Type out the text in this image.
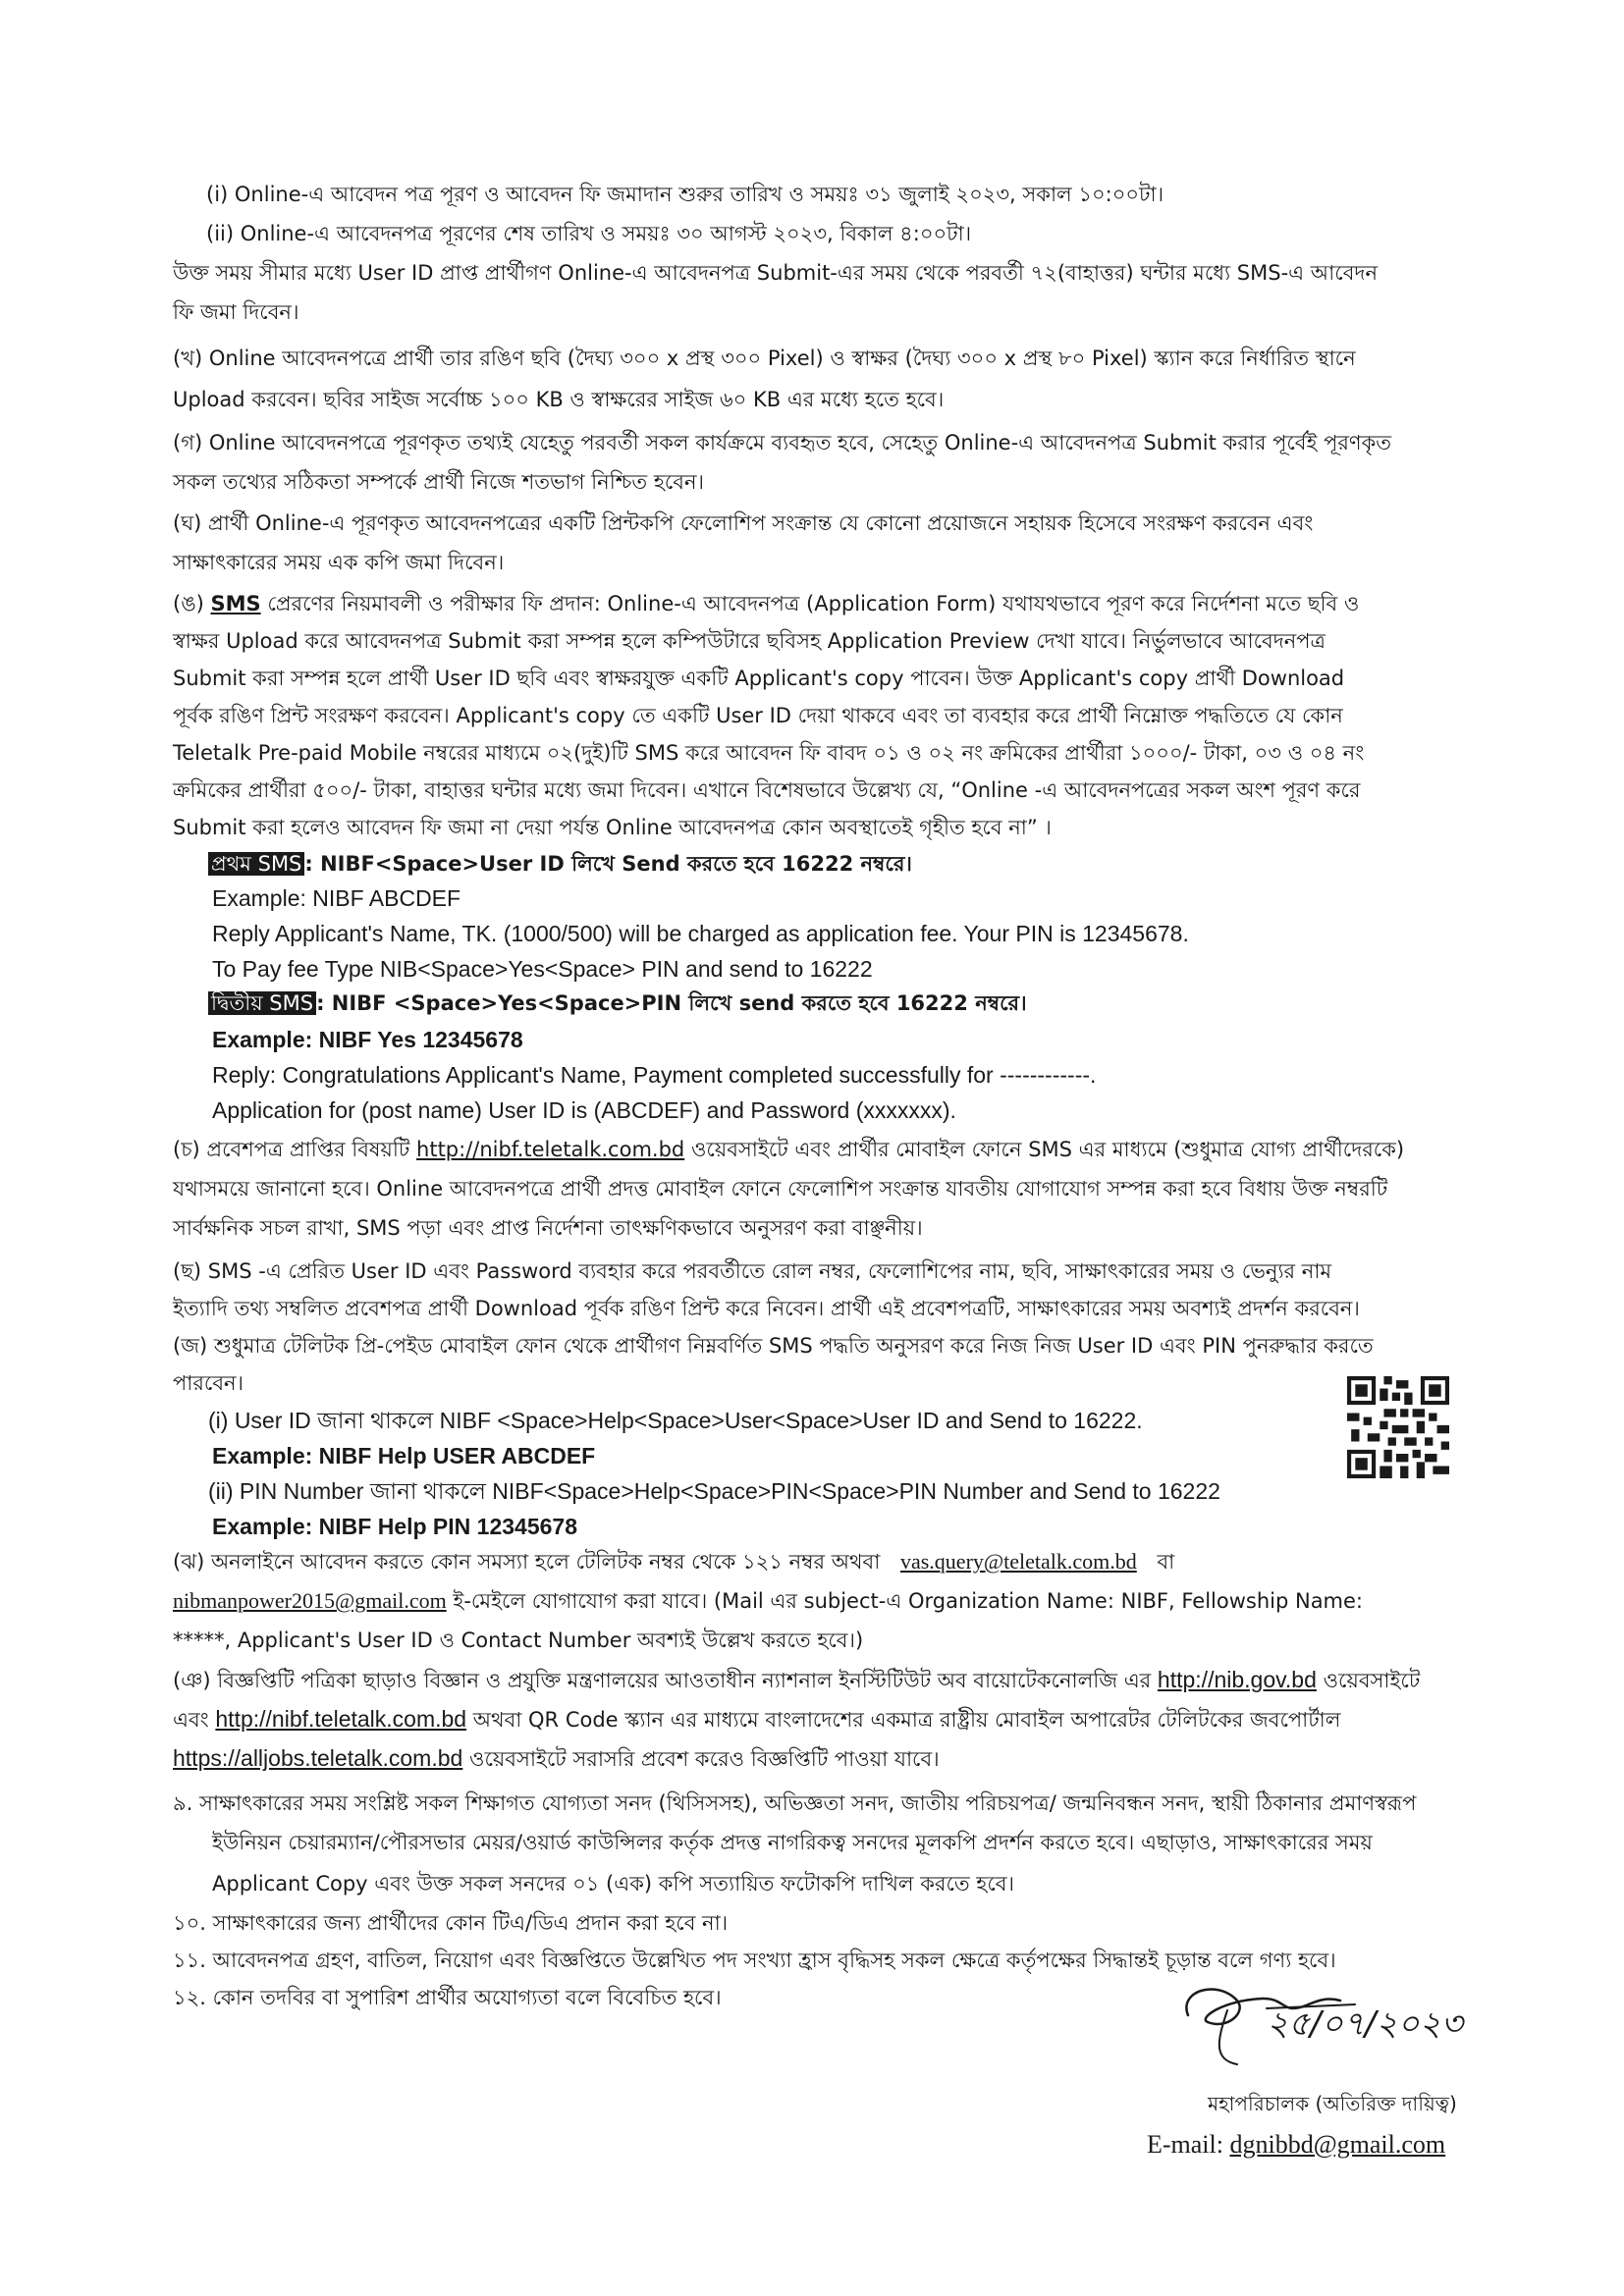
(i) Online-এ আবেদন পত্র পূরণ ও আবেদন ফি জমাদান শুরুর তারিখ ও সময়ঃ ৩১ জুলাই ২০২৩, সকাল ১০:০০টা।
(ii) Online-এ আবেদনপত্র পূরণের শেষ তারিখ ও সময়ঃ ৩০ আগস্ট ২০২৩, বিকাল ৪:০০টা।
উক্ত সময় সীমার মধ্যে User ID প্রাপ্ত প্রার্থীগণ Online-এ আবেদনপত্র Submit-এর সময় থেকে পরবর্তী ৭২(বাহাত্তর) ঘন্টার মধ্যে SMS-এ আবেদন
ফি জমা দিবেন।
(খ) Online আবেদনপত্রে প্রার্থী তার রঙিণ ছবি (দৈঘ্য ৩০০ x প্রস্থ ৩০০ Pixel) ও স্বাক্ষর (দৈঘ্য ৩০০ x প্রস্থ ৮০ Pixel) স্ক্যান করে নির্ধারিত স্থানে
Upload করবেন। ছবির সাইজ সর্বোচ্চ ১০০ KB ও স্বাক্ষরের সাইজ ৬০ KB এর মধ্যে হতে হবে।
(গ) Online আবেদনপত্রে পূরণকৃত তথ্যই যেহেতু পরবর্তী সকল কার্যক্রমে ব্যবহৃত হবে, সেহেতু Online-এ আবেদনপত্র Submit করার পূর্বেই পূরণকৃত
সকল তথ্যের সঠিকতা সম্পর্কে প্রার্থী নিজে শতভাগ নিশ্চিত হবেন।
(ঘ) প্রার্থী Online-এ পূরণকৃত আবেদনপত্রের একটি প্রিন্টকপি ফেলোশিপ সংক্রান্ত যে কোনো প্রয়োজনে সহায়ক হিসেবে সংরক্ষণ করবেন এবং
সাক্ষাৎকারের সময় এক কপি জমা দিবেন।
(ঙ) SMS প্রেরণের নিয়মাবলী ও পরীক্ষার ফি প্রদান: Online-এ আবেদনপত্র (Application Form) যথাযথভাবে পূরণ করে নির্দেশনা মতে ছবি ও
স্বাক্ষর Upload করে আবেদনপত্র Submit করা সম্পন্ন হলে কম্পিউটারে ছবিসহ Application Preview দেখা যাবে। নির্ভুলভাবে আবেদনপত্র
Submit করা সম্পন্ন হলে প্রার্থী User ID ছবি এবং স্বাক্ষরযুক্ত একটি Applicant's copy পাবেন। উক্ত Applicant's copy প্রার্থী Download
পূর্বক রঙিণ প্রিন্ট সংরক্ষণ করবেন। Applicant's copy তে একটি User ID দেয়া থাকবে এবং তা ব্যবহার করে প্রার্থী নিম্নোক্ত পদ্ধতিতে যে কোন
Teletalk Pre-paid Mobile নম্বরের মাধ্যমে ০২(দুই)টি SMS করে আবেদন ফি বাবদ ০১ ও ০২ নং ক্রমিকের প্রার্থীরা ১০০০/- টাকা, ০৩ ও ০৪ নং
ক্রমিকের প্রার্থীরা ৫০০/- টাকা, বাহাত্তর ঘন্টার মধ্যে জমা দিবেন। এখানে বিশেষভাবে উল্লেখ্য যে, “Online -এ আবেদনপত্রের সকল অংশ পূরণ করে
Submit করা হলেও আবেদন ফি জমা না দেয়া পর্যন্ত Online আবেদনপত্র কোন অবস্থাতেই গৃহীত হবে না” ।
প্রথম SMS : NIBF<Space>User ID লিখে Send করতে হবে 16222 নম্বরে।
Example: NIBF ABCDEF
Reply Applicant's Name, TK. (1000/500) will be charged as application fee. Your PIN is 12345678.
To Pay fee Type NIB<Space>Yes<Space> PIN and send to 16222
দ্বিতীয় SMS : NIBF <Space>Yes<Space>PIN লিখে send করতে হবে 16222 নম্বরে।
Example: NIBF Yes 12345678
Reply: Congratulations Applicant's Name, Payment completed successfully for ------------.
Application for (post name) User ID is (ABCDEF) and Password (xxxxxxx).
(চ) প্রবেশপত্র প্রাপ্তির বিষয়টি http://nibf.teletalk.com.bd ওয়েবসাইটে এবং প্রার্থীর মোবাইল ফোনে SMS এর মাধ্যমে (শুধুমাত্র যোগ্য প্রার্থীদেরকে)
যথাসময়ে জানানো হবে। Online আবেদনপত্রে প্রার্থী প্রদত্ত মোবাইল ফোনে ফেলোশিপ সংক্রান্ত যাবতীয় যোগাযোগ সম্পন্ন করা হবে বিধায় উক্ত নম্বরটি
সার্বক্ষনিক সচল রাখা, SMS পড়া এবং প্রাপ্ত নির্দেশনা তাৎক্ষণিকভাবে অনুসরণ করা বাঞ্ছনীয়।
(ছ) SMS -এ প্রেরিত User ID এবং Password ব্যবহার করে পরবর্তীতে রোল নম্বর, ফেলোশিপের নাম, ছবি, সাক্ষাৎকারের সময় ও ভেন্যুর নাম
ইত্যাদি তথ্য সম্বলিত প্রবেশপত্র প্রার্থী Download পূর্বক রঙিণ প্রিন্ট করে নিবেন। প্রার্থী এই প্রবেশপত্রটি, সাক্ষাৎকারের সময় অবশ্যই প্রদর্শন করবেন।
(জ) শুধুমাত্র টেলিটক প্রি-পেইড মোবাইল ফোন থেকে প্রার্থীগণ নিম্নবর্ণিত SMS পদ্ধতি অনুসরণ করে নিজ নিজ User ID এবং PIN পুনরুদ্ধার করতে
পারবেন।
(i) User ID জানা থাকলে NIBF <Space>Help<Space>User<Space>User ID and Send to 16222.
Example: NIBF Help USER ABCDEF
(ii) PIN Number জানা থাকলে NIBF<Space>Help<Space>PIN<Space>PIN Number and Send to 16222
Example: NIBF Help PIN 12345678
(ঝ) অনলাইনে আবেদন করতে কোন সমস্যা হলে টেলিটক নম্বর থেকে ১২১ নম্বর অথবা vas.query@teletalk.com.bd বা
nibmanpower2015@gmail.com ই-মেইলে যোগাযোগ করা যাবে। (Mail এর subject-এ Organization Name: NIBF, Fellowship Name:
*****, Applicant's User ID ও Contact Number অবশ্যই উল্লেখ করতে হবে।)
(ঞ) বিজ্ঞপ্তিটি পত্রিকা ছাড়াও বিজ্ঞান ও প্রযুক্তি মন্ত্রণালয়ের আওতাধীন ন্যাশনাল ইনস্টিটিউট অব বায়োটেকনোলজি এর http://nib.gov.bd ওয়েবসাইটে
এবং http://nibf.teletalk.com.bd অথবা QR Code স্ক্যান এর মাধ্যমে বাংলাদেশের একমাত্র রাষ্ট্রীয় মোবাইল অপারেটর টেলিটকের জবপোর্টাল
https://alljobs.teletalk.com.bd ওয়েবসাইটে সরাসরি প্রবেশ করেও বিজ্ঞপ্তিটি পাওয়া যাবে।
৯. সাক্ষাৎকারের সময় সংশ্লিষ্ট সকল শিক্ষাগত যোগ্যতা সনদ (থিসিসসহ), অভিজ্ঞতা সনদ, জাতীয় পরিচয়পত্র/ জন্মনিবন্ধন সনদ, স্থায়ী ঠিকানার প্রমাণস্বরূপ
ইউনিয়ন চেয়ারম্যান/পৌরসভার মেয়র/ওয়ার্ড কাউন্সিলর কর্তৃক প্রদত্ত নাগরিকত্ব সনদের মূলকপি প্রদর্শন করতে হবে। এছাড়াও, সাক্ষাৎকারের সময়
Applicant Copy এবং উক্ত সকল সনদের ০১ (এক) কপি সত্যায়িত ফটোকপি দাখিল করতে হবে।
১০. সাক্ষাৎকারের জন্য প্রার্থীদের কোন টিএ/ডিএ প্রদান করা হবে না।
১১. আবেদনপত্র গ্রহণ, বাতিল, নিয়োগ এবং বিজ্ঞপ্তিতে উল্লেখিত পদ সংখ্যা হ্রাস বৃদ্ধিসহ সকল ক্ষেত্রে কর্তৃপক্ষের সিদ্ধান্তই চূড়ান্ত বলে গণ্য হবে।
১২. কোন তদবির বা সুপারিশ প্রার্থীর অযোগ্যতা বলে বিবেচিত হবে।
২৫/০৭/২০২৩
মহাপরিচালক (অতিরিক্ত দায়িত্ব)
E-mail: dgnibbd@gmail.com
